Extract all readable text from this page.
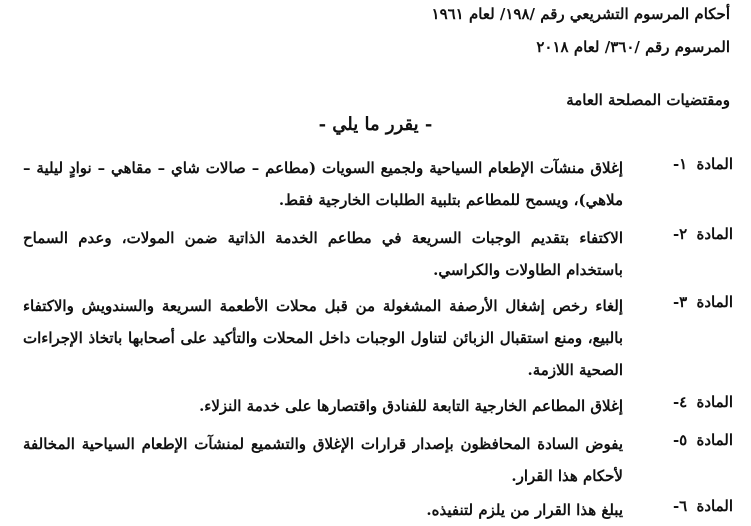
أحكام المرسوم التشريعي رقم /١٩٨/ لعام ١٩٦١
المرسوم رقم /٣٦٠/ لعام ٢٠١٨
ومقتضيات المصلحة العامة
- يقرر ما يلي -
المادة ١-
إغلاق منشآت الإطعام السياحية ولجميع السويات (مطاعم – صالات شاي – مقاهي – نوادٍ ليلية – ملاهي)، ويسمح للمطاعم بتلبية الطلبات الخارجية فقط.
المادة ٢-
الاكتفاء بتقديم الوجبات السريعة في مطاعم الخدمة الذاتية ضمن المولات، وعدم السماح باستخدام الطاولات والكراسي.
المادة ٣-
إلغاء رخص إشغال الأرصفة المشغولة من قبل محلات الأطعمة السريعة والسندويش والاكتفاء بالبيع، ومنع استقبال الزبائن لتناول الوجبات داخل المحلات والتأكيد على أصحابها باتخاذ الإجراءات الصحية اللازمة.
المادة ٤-
إغلاق المطاعم الخارجية التابعة للفنادق واقتصارها على خدمة النزلاء.
المادة ٥-
يفوض السادة المحافظون بإصدار قرارات الإغلاق والتشميع لمنشآت الإطعام السياحية المخالفة لأحكام هذا القرار.
المادة ٦-
يبلغ هذا القرار من يلزم لتنفيذه.
